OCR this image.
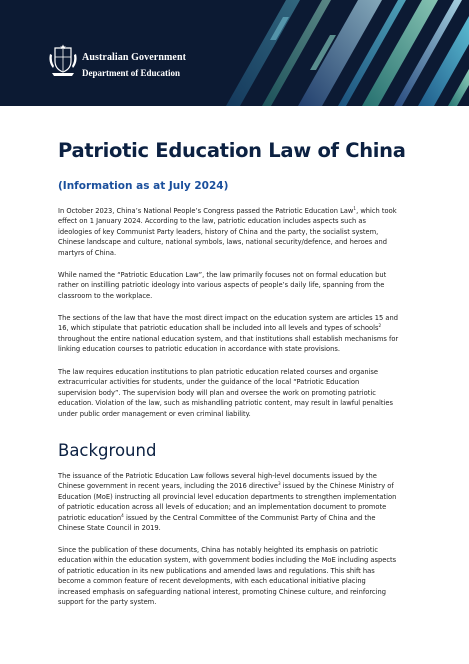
Australian Government
Department of Education
Patriotic Education Law of China
(Information as at July 2024)
In October 2023, China’s National People’s Congress passed the Patriotic Education Law$^1$, which took
effect on 1 January 2024. According to the law, patriotic education includes aspects such as
ideologies of key Communist Party leaders, history of China and the party, the socialist system,
Chinese landscape and culture, national symbols, laws, national security/defence, and heroes and
martyrs of China.
While named the “Patriotic Education Law”, the law primarily focuses not on formal education but
rather on instilling patriotic ideology into various aspects of people’s daily life, spanning from the
classroom to the workplace.
The sections of the law that have the most direct impact on the education system are articles 15 and
16, which stipulate that patriotic education shall be included into all levels and types of schools$^2$
throughout the entire national education system, and that institutions shall establish mechanisms for
linking education courses to patriotic education in accordance with state provisions.
The law requires education institutions to plan patriotic education related courses and organise
extracurricular activities for students, under the guidance of the local “Patriotic Education
supervision body”. The supervision body will plan and oversee the work on promoting patriotic
education. Violation of the law, such as mishandling patriotic content, may result in lawful penalties
under public order management or even criminal liability.
Background
The issuance of the Patriotic Education Law follows several high-level documents issued by the
Chinese government in recent years, including the 2016 directive$^3$ issued by the Chinese Ministry of
Education (MoE) instructing all provincial level education departments to strengthen implementation
of patriotic education across all levels of education; and an implementation document to promote
patriotic education$^4$ issued by the Central Committee of the Communist Party of China and the
Chinese State Council in 2019.
Since the publication of these documents, China has notably heighted its emphasis on patriotic
education within the education system, with government bodies including the MoE including aspects
of patriotic education in its new publications and amended laws and regulations. This shift has
become a common feature of recent developments, with each educational initiative placing
increased emphasis on safeguarding national interest, promoting Chinese culture, and reinforcing
support for the party system.
